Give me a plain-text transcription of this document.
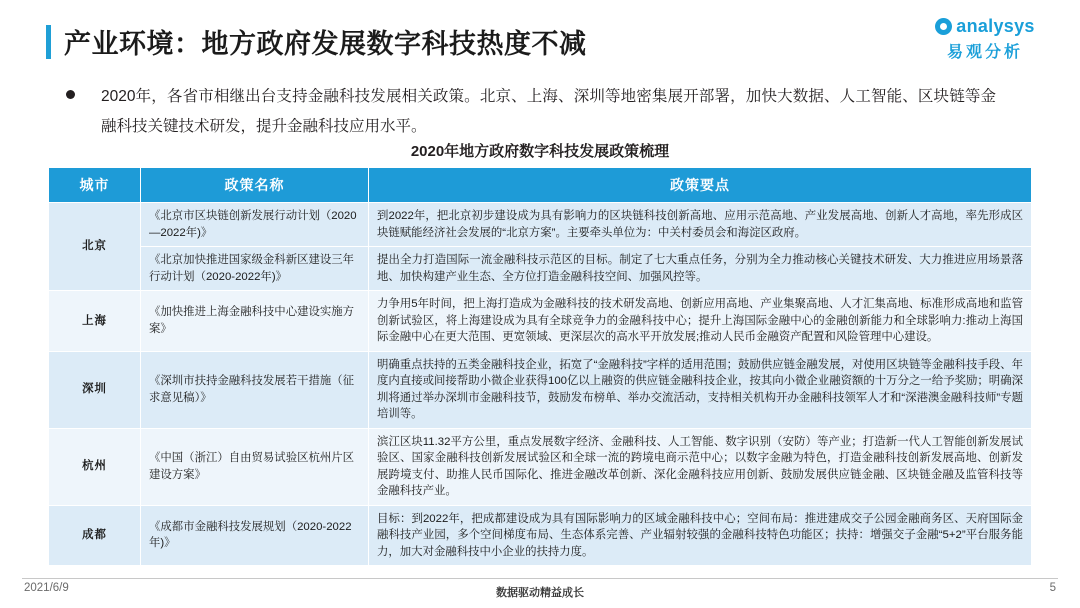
产业环境：地方政府发展数字科技热度不减
analysys
易观分析
2020年，各省市相继出台支持金融科技发展相关政策。北京、上海、深圳等地密集展开部署，加快大数据、人工智能、区块链等金融科技关键技术研发，提升金融科技应用水平。
2020年地方政府数字科技发展政策梳理
城市	政策名称	政策要点
北京	《北京市区块链创新发展行动计划（2020—2022年)》	到2022年，把北京初步建设成为具有影响力的区块链科技创新高地、应用示范高地、产业发展高地、创新人才高地，率先形成区块链赋能经济社会发展的“北京方案”。主要牵头单位为：中关村委员会和海淀区政府。
	《北京加快推进国家级金科新区建设三年行动计划（2020-2022年)》	提出全力打造国际一流金融科技示范区的目标。制定了七大重点任务，分别为全力推动核心关键技术研发、大力推进应用场景落地、加快构建产业生态、全方位打造金融科技空间、加强风控等。
上海	《加快推进上海金融科技中心建设实施方案》	力争用5年时间，把上海打造成为金融科技的技术研发高地、创新应用高地、产业集聚高地、人才汇集高地、标准形成高地和监管创新试验区，将上海建设成为具有全球竞争力的金融科技中心；提升上海国际金融中心的金融创新能力和全球影响力:推动上海国际金融中心在更大范围、更宽领域、更深层次的高水平开放发展;推动人民币金融资产配置和风险管理中心建设。
深圳	《深圳市扶持金融科技发展若干措施（征求意见稿）》	明确重点扶持的五类金融科技企业，拓宽了“金融科技”字样的适用范围；鼓励供应链金融发展，对使用区块链等金融科技手段、年度内直接或间接帮助小微企业获得100亿以上融资的供应链金融科技企业，按其向小微企业融资额的十万分之一给予奖励；明确深圳将通过举办深圳市金融科技节，鼓励发布榜单、举办交流活动，支持相关机构开办金融科技领军人才和“深港澳金融科技师”专题培训等。
杭州	《中国（浙江）自由贸易试验区杭州片区建设方案》	滨江区块11.32平方公里，重点发展数字经济、金融科技、人工智能、数字识别（安防）等产业；打造新一代人工智能创新发展试验区、国家金融科技创新发展试验区和全球一流的跨境电商示范中心；以数字金融为特色，打造金融科技创新发展高地、创新发展跨境支付、助推人民币国际化、推进金融改革创新、深化金融科技应用创新、鼓励发展供应链金融、区块链金融及监管科技等金融科技产业。
成都	《成都市金融科技发展规划（2020-2022年)》	目标：到2022年，把成都建设成为具有国际影响力的区域金融科技中心；空间布局：推进建成交子公园金融商务区、天府国际金融科技产业园，多个空间梯度布局、生态体系完善、产业辐射较强的金融科技特色功能区；扶持：增强交子金融“5+2”平台服务能力，加大对金融科技中小企业的扶持力度。
2021/6/9	数据驱动精益成长	5
